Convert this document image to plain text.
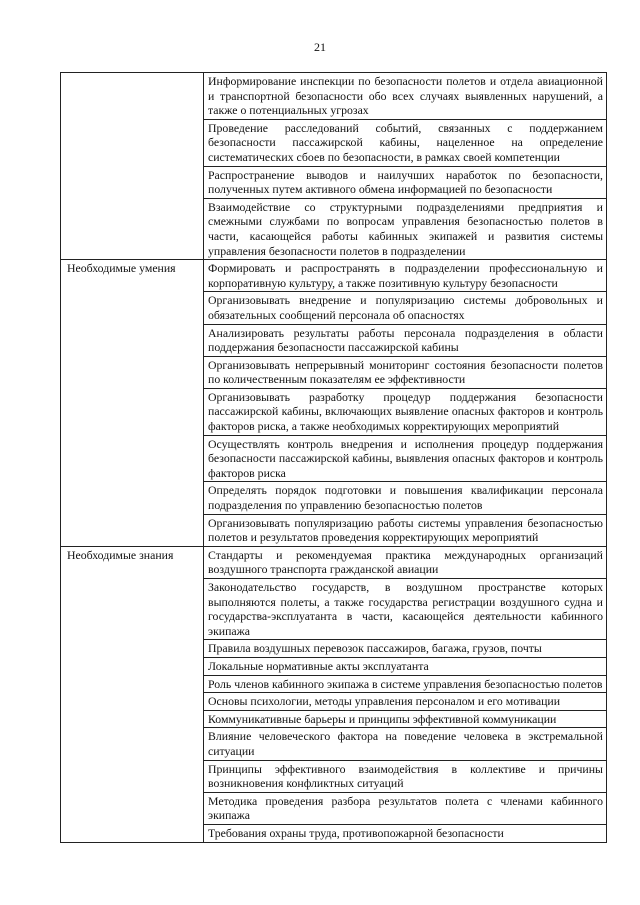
21
	Информирование инспекции по безопасности полетов и отдела авиационной и транспортной безопасности обо всех случаях выявленных нарушений, а также о потенциальных угрозах
	Проведение расследований событий, связанных с поддержанием безопасности пассажирской кабины, нацеленное на определение систематических сбоев по безопасности, в рамках своей компетенции
	Распространение выводов и наилучших наработок по безопасности, полученных путем активного обмена информацией по безопасности
	Взаимодействие со структурными подразделениями предприятия и смежными службами по вопросам управления безопасностью полетов в части, касающейся работы кабинных экипажей и развития системы управления безопасности полетов в подразделении
Необходимые умения	Формировать и распространять в подразделении профессиональную и корпоративную культуру, а также позитивную культуру безопасности
	Организовывать внедрение и популяризацию системы добровольных и обязательных сообщений персонала об опасностях
	Анализировать результаты работы персонала подразделения в области поддержания безопасности пассажирской кабины
	Организовывать непрерывный мониторинг состояния безопасности полетов по количественным показателям ее эффективности
	Организовывать разработку процедур поддержания безопасности пассажирской кабины, включающих выявление опасных факторов и контроль факторов риска, а также необходимых корректирующих мероприятий
	Осуществлять контроль внедрения и исполнения процедур поддержания безопасности пассажирской кабины, выявления опасных факторов и контроль факторов риска
	Определять порядок подготовки и повышения квалификации персонала подразделения по управлению безопасностью полетов
	Организовывать популяризацию работы системы управления безопасностью полетов и результатов проведения корректирующих мероприятий
Необходимые знания	Стандарты и рекомендуемая практика международных организаций воздушного транспорта гражданской авиации
	Законодательство государств, в воздушном пространстве которых выполняются полеты, а также государства регистрации воздушного судна и государства-эксплуатанта в части, касающейся деятельности кабинного экипажа
	Правила воздушных перевозок пассажиров, багажа, грузов, почты
	Локальные нормативные акты эксплуатанта
	Роль членов кабинного экипажа в системе управления безопасностью полетов
	Основы психологии, методы управления персоналом и его мотивации
	Коммуникативные барьеры и принципы эффективной коммуникации
	Влияние человеческого фактора на поведение человека в экстремальной ситуации
	Принципы эффективного взаимодействия в коллективе и причины возникновения конфликтных ситуаций
	Методика проведения разбора результатов полета с членами кабинного экипажа
	Требования охраны труда, противопожарной безопасности
